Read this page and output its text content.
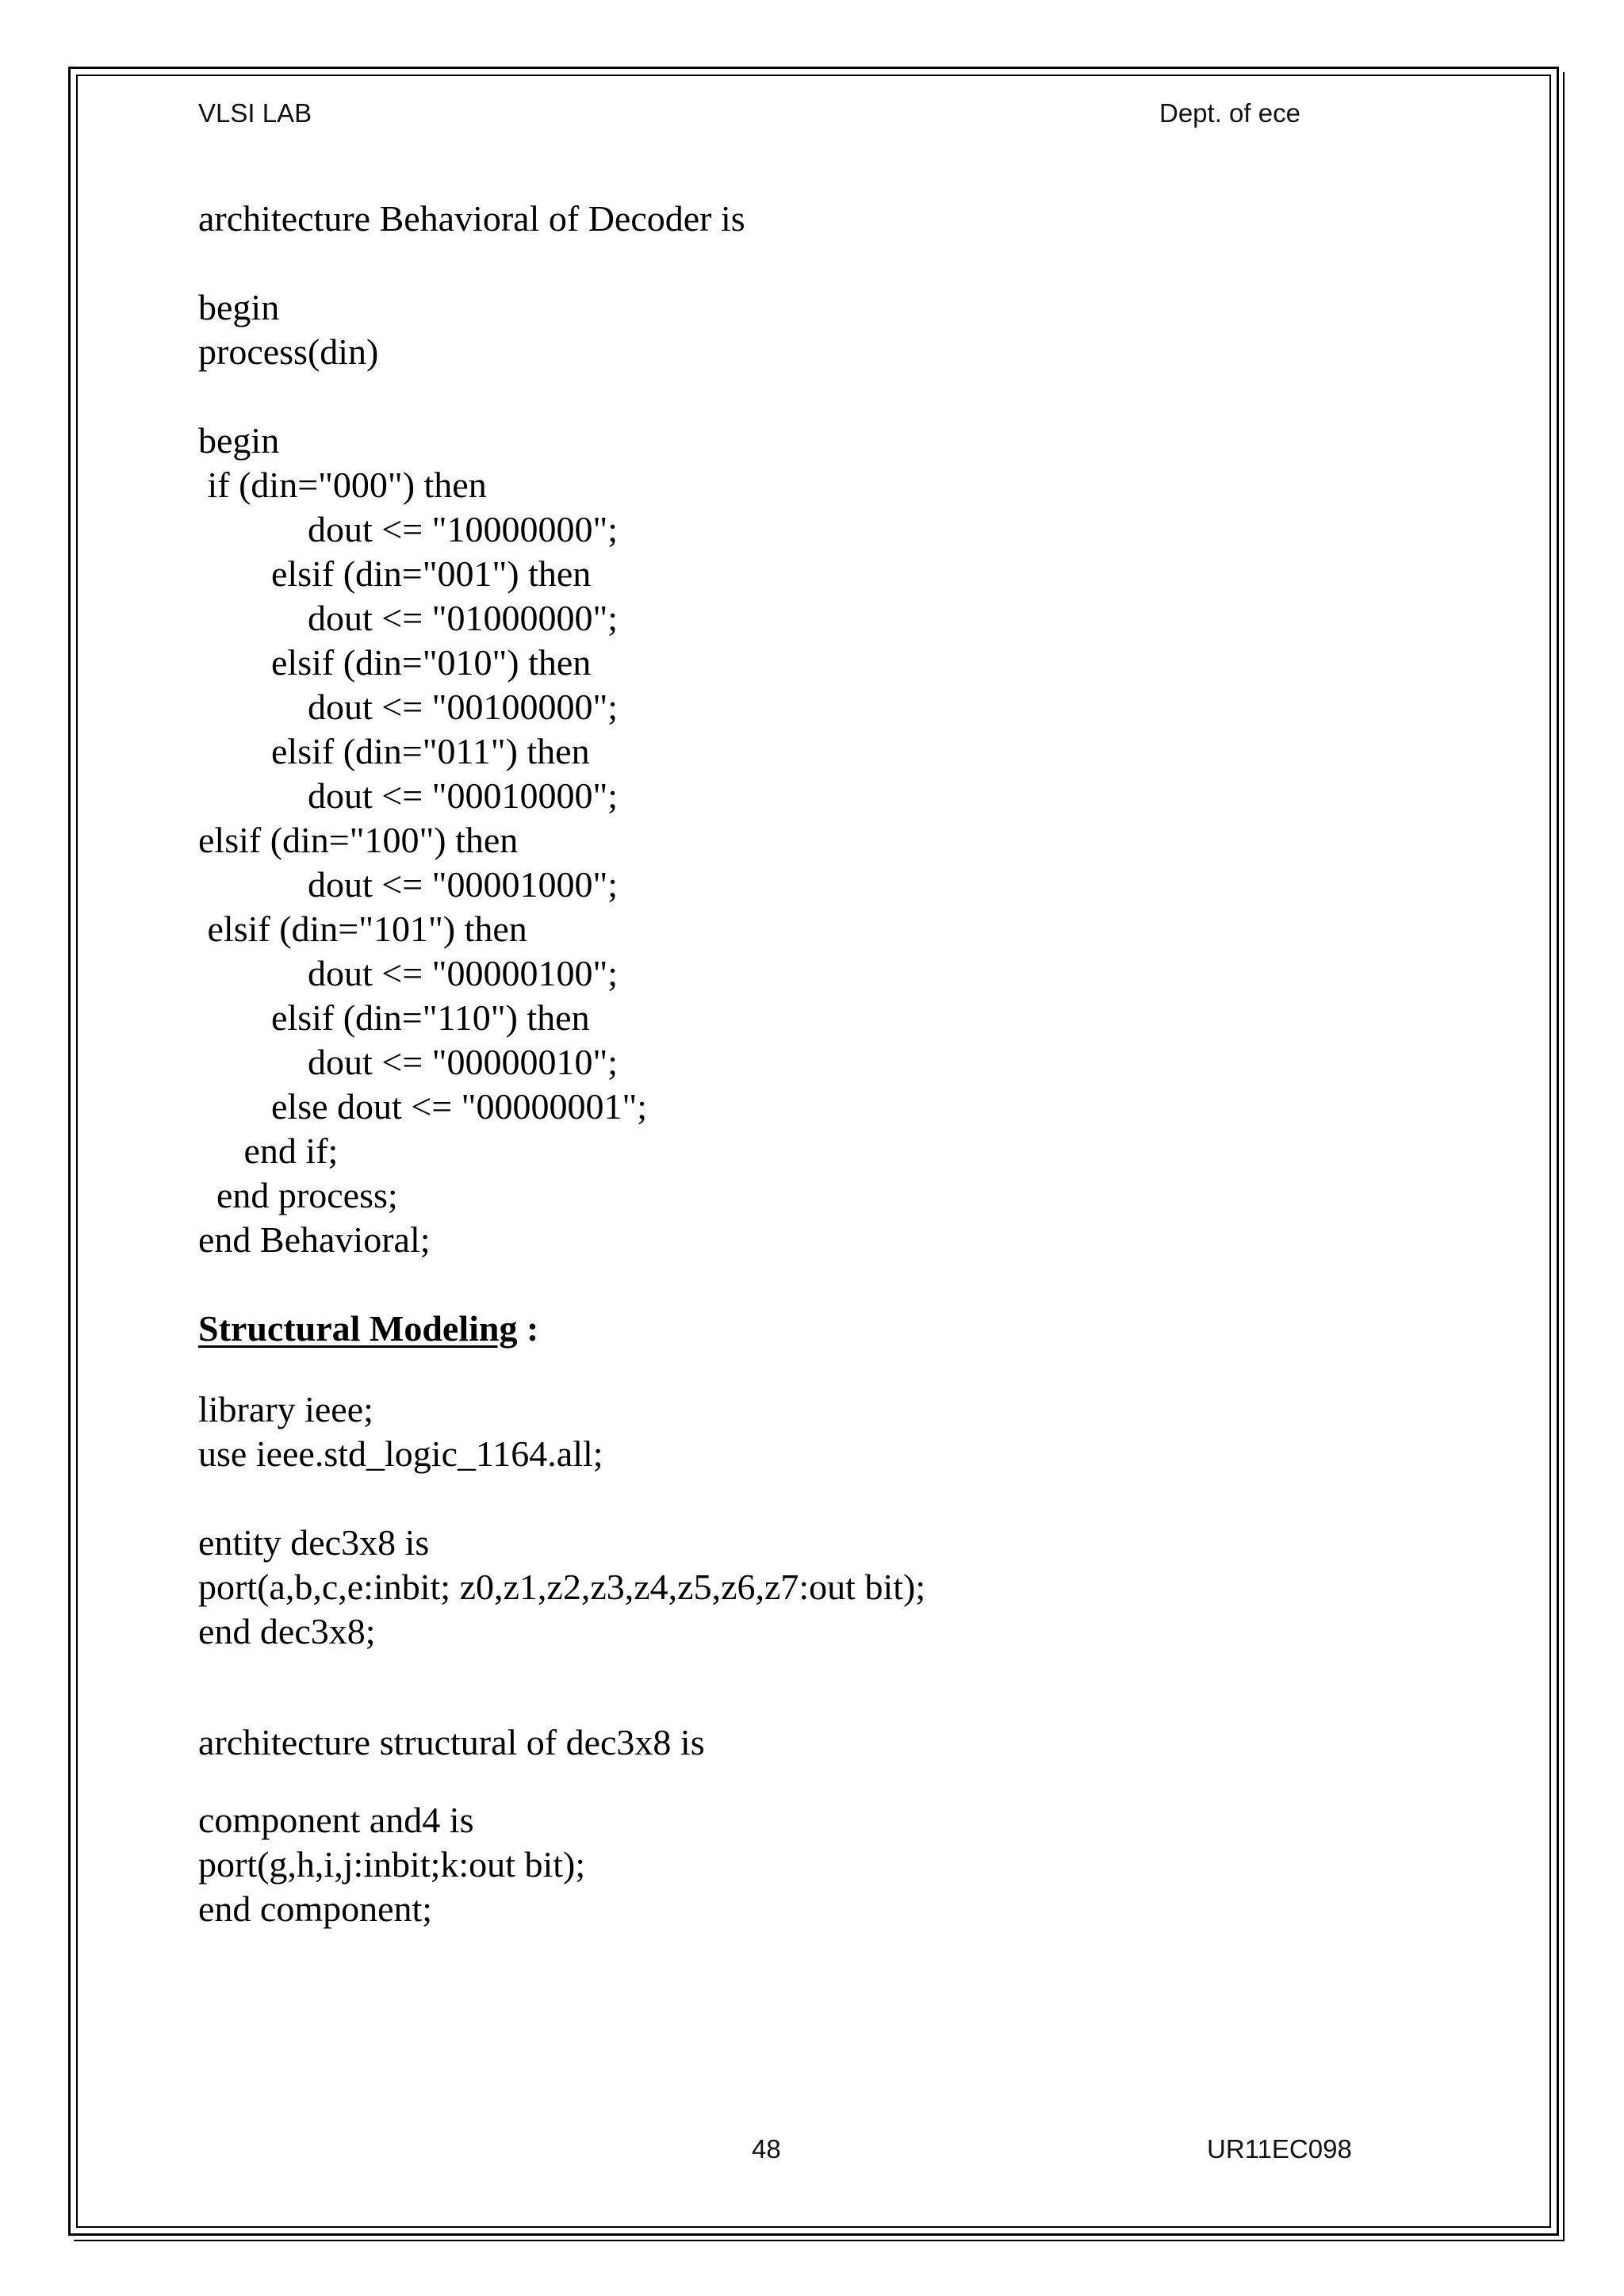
VLSI LAB	Dept. of ece
architecture Behavioral of Decoder is
begin
process(din)
begin
if (din="000") then
dout <= "10000000";
elsif (din="001") then
dout <= "01000000";
elsif (din="010") then
dout <= "00100000";
elsif (din="011") then
dout <= "00010000";
elsif (din="100") then
dout <= "00001000";
elsif (din="101") then
dout <= "00000100";
elsif (din="110") then
dout <= "00000010";
else dout <= "00000001";
end if;
end process;
end Behavioral;
Structural Modeling :
library ieee;
use ieee.std_logic_1164.all;
entity dec3x8 is
port(a,b,c,e:inbit; z0,z1,z2,z3,z4,z5,z6,z7:out bit);
end dec3x8;
architecture structural of dec3x8 is
component and4 is
port(g,h,i,j:inbit;k:out bit);
end component;
48	UR11EC098
